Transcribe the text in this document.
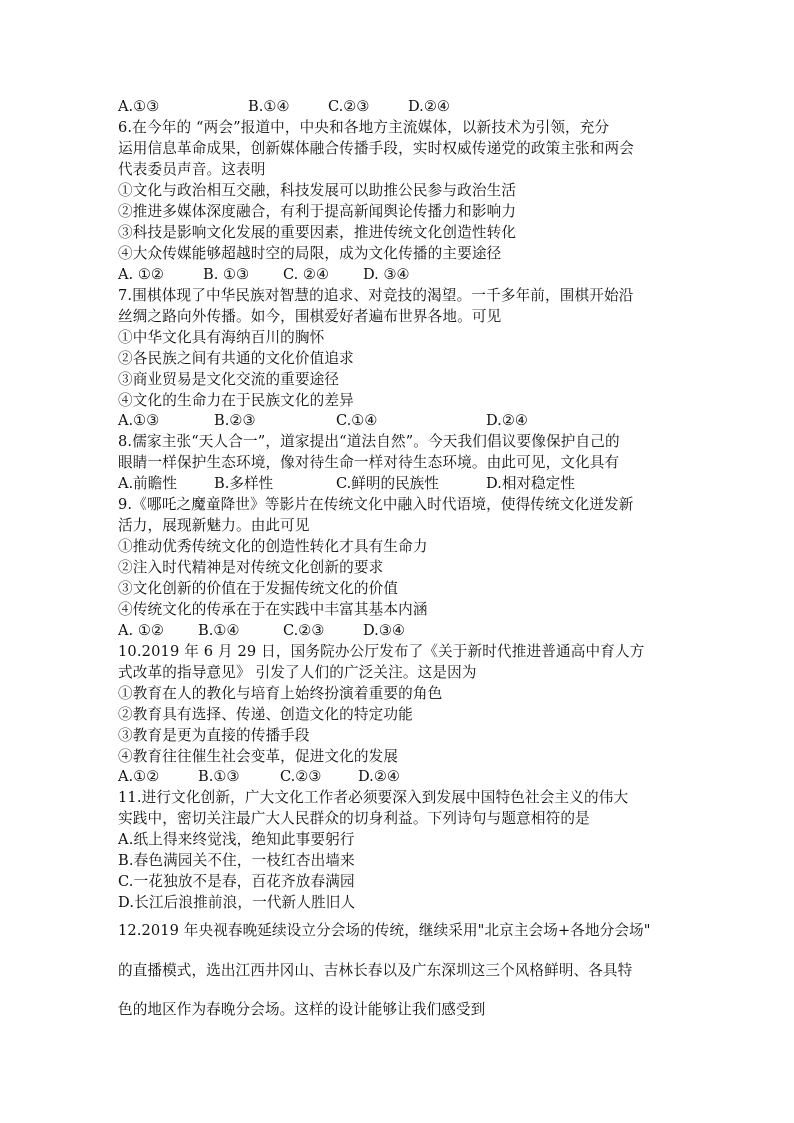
A.①③	B.①④	C.②③	D.②④
6.在今年的 “两会”报道中，中央和各地方主流媒体，以新技术为引领，充分
运用信息革命成果，创新媒体融合传播手段，实时权威传递党的政策主张和两会
代表委员声音。这表明
①文化与政治相互交融，科技发展可以助推公民参与政治生活
②推进多媒体深度融合，有利于提高新闻舆论传播力和影响力
③科技是影响文化发展的重要因素，推进传统文化创造性转化
④大众传媒能够超越时空的局限，成为文化传播的主要途径
A. ①②	B. ①③ C. ②④ D. ③④
7.围棋体现了中华民族对智慧的追求、对竞技的渴望。一千多年前，围棋开始沿
丝绸之路向外传播。如今，围棋爱好者遍布世界各地。可见
①中华文化具有海纳百川的胸怀
②各民族之间有共通的文化价值追求
③商业贸易是文化交流的重要途径
④文化的生命力在于民族文化的差异
A.①③	B.②③	C.①④	D.②④
8.儒家主张“天人合一”，道家提出“道法自然”。今天我们倡议要像保护自己的
眼睛一样保护生态环境，像对待生命一样对待生态环境。由此可见，文化具有
A.前瞻性	B.多样性	C.鲜明的民族性	D.相对稳定性
9.《哪吒之魔童降世》等影片在传统文化中融入时代语境，使得传统文化迸发新
活力，展现新魅力。由此可见
①推动优秀传统文化的创造性转化才具有生命力
②注入时代精神是对传统文化创新的要求
③文化创新的价值在于发掘传统文化的价值
④传统文化的传承在于在实践中丰富其基本内涵
A. ①② B.①④	C.②③	D.③④
10.2019 年 6 月 29 日，国务院办公厅发布了《关于新时代推进普通高中育人方
式改革的指导意见》 引发了人们的广泛关注。这是因为
①教育在人的教化与培育上始终扮演着重要的角色
②教育具有选择、传递、创造文化的特定功能
③教育是更为直接的传播手段
④教育往往催生社会变革，促进文化的发展
A.①②	B.①③	C.②③	D.②④
11.进行文化创新，广大文化工作者必须要深入到发展中国特色社会主义的伟大
实践中，密切关注最广大人民群众的切身利益。下列诗句与题意相符的是
A.纸上得来终觉浅，绝知此事要躬行
B.春色满园关不住，一枝红杏出墙来
C.一花独放不是春，百花齐放春满园
D.长江后浪推前浪，一代新人胜旧人
12.2019 年央视春晚延续设立分会场的传统，继续采用"北京主会场+各地分会场"
的直播模式，选出江西井冈山、吉林长春以及广东深圳这三个风格鲜明、各具特
色的地区作为春晚分会场。这样的设计能够让我们感受到
